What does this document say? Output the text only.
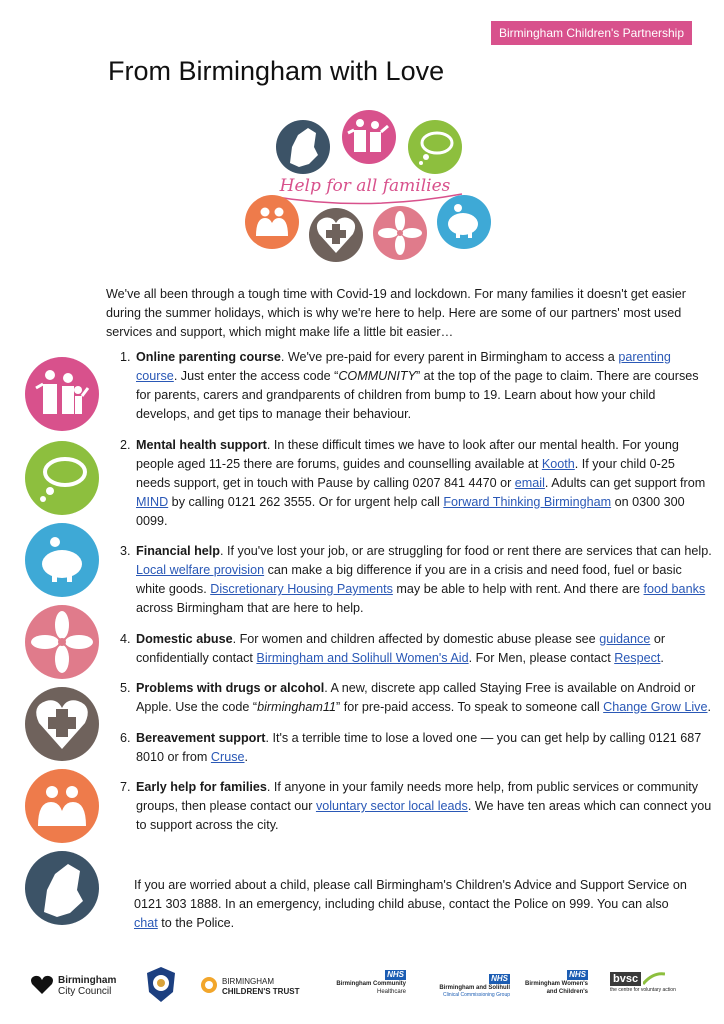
Birmingham Children's Partnership
From Birmingham with Love
Help for all families

We've all been through a tough time with Covid-19 and lockdown. For many families it doesn't get easier during the summer holidays, which is why we're here to help. Here are some of our partners' most used services and support, which might make life a little bit easier…

1. Online parenting course. We've pre-paid for every parent in Birmingham to access a parenting course. Just enter the access code “COMMUNITY” at the top of the page to claim. There are courses for parents, carers and grandparents of children from bump to 19. Learn about how your child develops, and get tips to manage their behaviour.
2. Mental health support. In these difficult times we have to look after our mental health. For young people aged 11-25 there are forums, guides and counselling available at Kooth. If your child 0-25 needs support, get in touch with Pause by calling 0207 841 4470 or email. Adults can get support from MIND by calling 0121 262 3555. Or for urgent help call Forward Thinking Birmingham on 0300 300 0099.
3. Financial help. If you've lost your job, or are struggling for food or rent there are services that can help. Local welfare provision can make a big difference if you are in a crisis and need food, fuel or basic white goods. Discretionary Housing Payments may be able to help with rent. And there are food banks across Birmingham that are here to help.
4. Domestic abuse. For women and children affected by domestic abuse please see guidance or confidentially contact Birmingham and Solihull Women's Aid. For Men, please contact Respect.
5. Problems with drugs or alcohol. A new, discrete app called Staying Free is available on Android or Apple. Use the code “birmingham11” for pre-paid access. To speak to someone call Change Grow Live.
6. Bereavement support. It's a terrible time to lose a loved one — you can get help by calling 0121 687 8010 or from Cruse.
7. Early help for families. If anyone in your family needs more help, from public services or community groups, then please contact our voluntary sector local leads. We have ten areas which can connect you to support across the city.

If you are worried about a child, please call Birmingham's Children's Advice and Support Service on 0121 303 1888. In an emergency, including child abuse, contact the Police on 999. You can also chat to the Police.

Birmingham
City Council
BIRMINGHAM
CHILDREN'S TRUST
NHS
Birmingham Community
Healthcare
NHS
Birmingham and Solihull
Clinical Commissioning Group
NHS
Birmingham Women's
and Children's
bvsc
the centre for voluntary action
